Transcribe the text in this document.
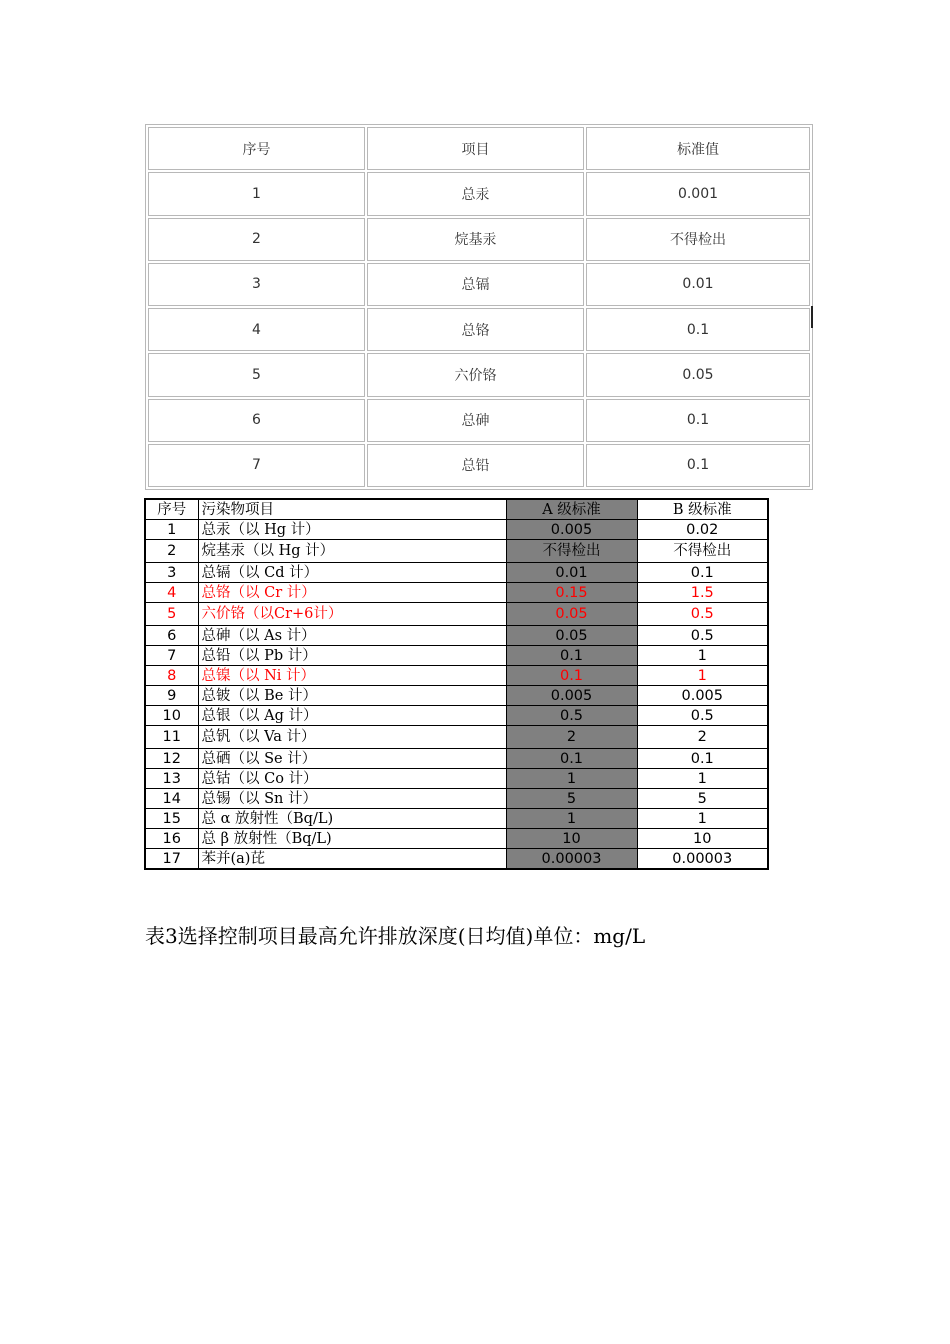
序号	项目	标准值
1	总汞	0.001
2	烷基汞	不得检出
3	总镉	0.01
4	总铬	0.1
5	六价铬	0.05
6	总砷	0.1
7	总铅	0.1
序号	污染物项目	A 级标准	B 级标准
1	总汞（以 Hg 计）	0.005	0.02
2	烷基汞（以 Hg 计）	不得检出	不得检出
3	总镉（以 Cd 计）	0.01	0.1
4	总铬（以 Cr 计）	0.15	1.5
5	六价铬（以Cr+6计）	0.05	0.5
6	总砷（以 As 计）	0.05	0.5
7	总铅（以 Pb 计）	0.1	1
8	总镍（以 Ni 计）	0.1	1
9	总铍（以 Be 计）	0.005	0.005
10	总银（以 Ag 计）	0.5	0.5
11	总钒（以 Va 计）	2	2
12	总硒（以 Se 计）	0.1	0.1
13	总钴（以 Co 计）	1	1
14	总锡（以 Sn 计）	5	5
15	总 α 放射性（Bq/L)	1	1
16	总 β 放射性（Bq/L)	10	10
17	苯并(a)芘	0.00003	0.00003
表3选择控制项目最高允许排放深度(日均值)单位：mg/L
